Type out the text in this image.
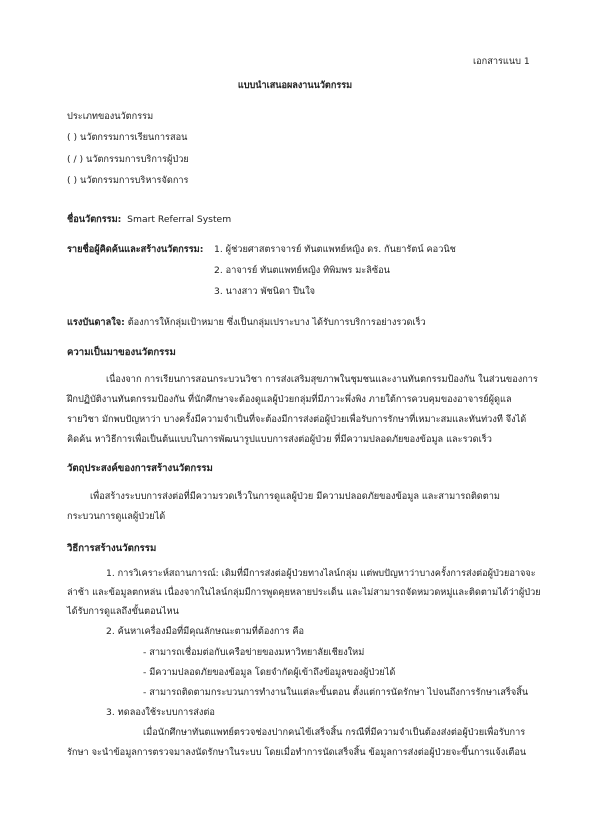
เอกสารแนบ 1
แบบนำเสนอผลงานนวัตกรรม
ประเภทของนวัตกรรม
( ) นวัตกรรมการเรียนการสอน
( / ) นวัตกรรมการบริการผู้ป่วย
( ) นวัตกรรมการบริหารจัดการ
ชื่อนวัตกรรม: Smart Referral System
รายชื่อผู้คิดค้นและสร้างนวัตกรรม: 1. ผู้ช่วยศาสตราจารย์ ทันตแพทย์หญิง ดร. กันยารัตน์ คอวนิช
2. อาจารย์ ทันตแพทย์หญิง ทิพิมพร มะลิซ้อน
3. นางสาว พัชนิดา ปีนใจ
แรงบันดาลใจ: ต้องการให้กลุ่มเป้าหมาย ซึ่งเป็นกลุ่มเปราะบาง ได้รับการบริการอย่างรวดเร็ว
ความเป็นมาของนวัตกรรม
เนื่องจาก การเรียนการสอนกระบวนวิชา การส่งเสริมสุขภาพในชุมชนและงานทันตกรรมป้องกัน ในส่วนของการ
ฝึกปฏิบัติงานทันตกรรมป้องกัน ที่นักศึกษาจะต้องดูแลผู้ป่วยกลุ่มที่มีภาวะพึ่งพิง ภายใต้การควบคุมของอาจารย์ผู้ดูแล
รายวิชา มักพบปัญหาว่า บางครั้งมีความจำเป็นที่จะต้องมีการส่งต่อผู้ป่วยเพื่อรับการรักษาที่เหมาะสมและทันท่วงที จึงได้
คิดค้น หาวิธีการเพื่อเป็นต้นแบบในการพัฒนารูปแบบการส่งต่อผู้ป่วย ที่มีความปลอดภัยของข้อมูล และรวดเร็ว
วัตถุประสงค์ของการสร้างนวัตกรรม
เพื่อสร้างระบบการส่งต่อที่มีความรวดเร็วในการดูแลผู้ป่วย มีความปลอดภัยของข้อมูล และสามารถติดตาม
กระบวนการดูแลผู้ป่วยได้
วิธีการสร้างนวัตกรรม
1. การวิเคราะห์สถานการณ์: เดิมที่มีการส่งต่อผู้ป่วยทางไลน์กลุ่ม แต่พบปัญหาว่าบางครั้งการส่งต่อผู้ป่วยอาจจะ
ล่าช้า และข้อมูลตกหล่น เนื่องจากในไลน์กลุ่มมีการพูดคุยหลายประเด็น และไม่สามารถจัดหมวดหมู่และติดตามได้ว่าผู้ป่วย
ได้รับการดูแลถึงขั้นตอนไหน
2. ค้นหาเครื่องมือที่มีคุณลักษณะตามที่ต้องการ คือ
- สามารถเชื่อมต่อกับเครือข่ายของมหาวิทยาลัยเชียงใหม่
- มีความปลอดภัยของข้อมูล โดยจำกัดผู้เข้าถึงข้อมูลของผู้ป่วยได้
- สามารถติดตามกระบวนการทำงานในแต่ละขั้นตอน ตั้งแต่การนัดรักษา ไปจนถึงการรักษาเสร็จสิ้น
3. ทดลองใช้ระบบการส่งต่อ
เมื่อนักศึกษาทันตแพทย์ตรวจช่องปากคนไข้เสร็จสิ้น กรณีที่มีความจำเป็นต้องส่งต่อผู้ป่วยเพื่อรับการ
รักษา จะนำข้อมูลการตรวจมาลงนัดรักษาในระบบ โดยเมื่อทำการนัดเสร็จสิ้น ข้อมูลการส่งต่อผู้ป่วยจะขึ้นการแจ้งเตือน
